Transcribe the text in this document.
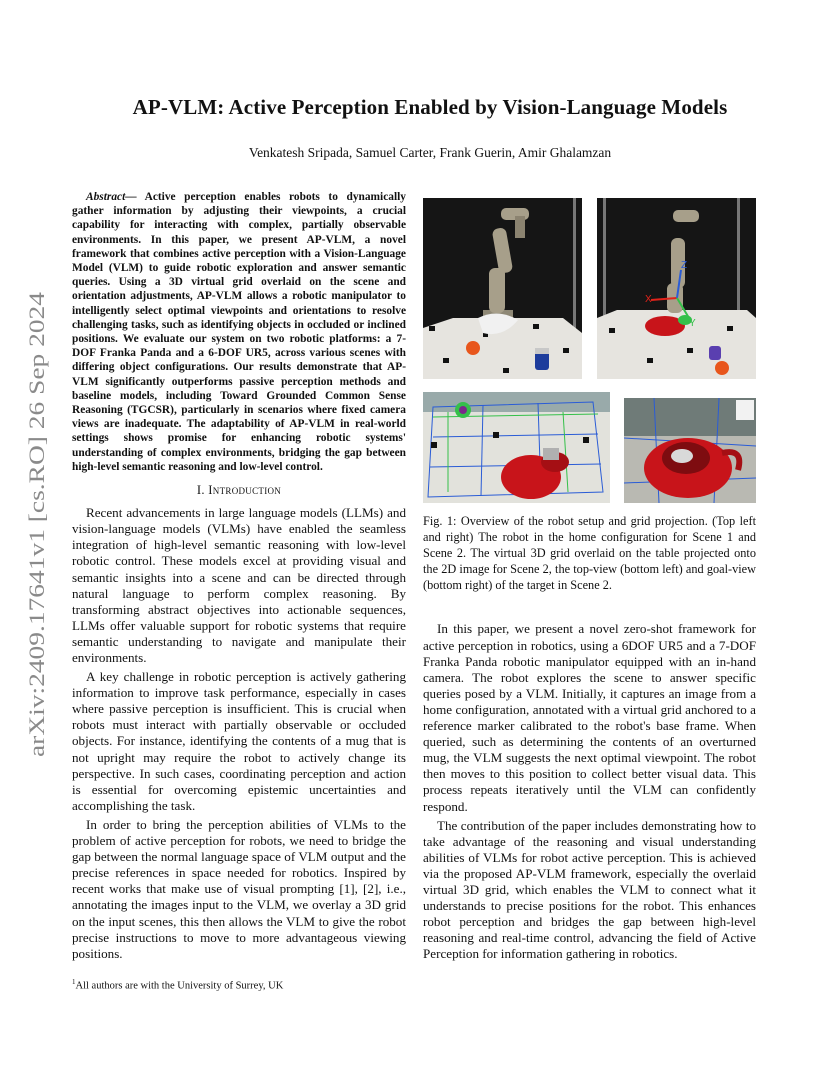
arXiv:2409.17641v1 [cs.RO] 26 Sep 2024
AP-VLM: Active Perception Enabled by Vision-Language Models
Venkatesh Sripada, Samuel Carter, Frank Guerin, Amir Ghalamzan

Abstract— Active perception enables robots to dynamically gather information by adjusting their viewpoints, a crucial capability for interacting with complex, partially observable environments. In this paper, we present AP-VLM, a novel framework that combines active perception with a Vision-Language Model (VLM) to guide robotic exploration and answer semantic queries. Using a 3D virtual grid overlaid on the scene and orientation adjustments, AP-VLM allows a robotic manipulator to intelligently select optimal viewpoints and orientations to resolve challenging tasks, such as identifying objects in occluded or inclined positions. We evaluate our system on two robotic platforms: a 7-DOF Franka Panda and a 6-DOF UR5, across various scenes with differing object configurations. Our results demonstrate that AP-VLM significantly outperforms passive perception methods and baseline models, including Toward Grounded Common Sense Reasoning (TGCSR), particularly in scenarios where fixed camera views are inadequate. The adaptability of AP-VLM in real-world settings shows promise for enhancing robotic systems' understanding of complex environments, bridging the gap between high-level semantic reasoning and low-level control.

I. Introduction

Recent advancements in large language models (LLMs) and vision-language models (VLMs) have enabled the seamless integration of high-level semantic reasoning with low-level robotic control. These models excel at providing visual and semantic insights into a scene and can be directed through natural language to perform complex reasoning. By transforming abstract objectives into actionable sequences, LLMs offer valuable support for robotic systems that require semantic understanding to navigate and manipulate their environments.

A key challenge in robotic perception is actively gathering information to improve task performance, especially in cases where passive perception is insufficient. This is crucial when robots must interact with partially observable or occluded objects. For instance, identifying the contents of a mug that is not upright may require the robot to actively change its perspective. In such cases, coordinating perception and action is essential for overcoming epistemic uncertainties and accomplishing the task.

In order to bring the perception abilities of VLMs to the problem of active perception for robots, we need to bridge the gap between the normal language space of VLM output and the precise references in space needed for robotics. Inspired by recent works that make use of visual prompting [1], [2], i.e., annotating the images input to the VLM, we overlay a 3D grid on the input scenes, this then allows the VLM to give the robot precise instructions to move to more advantageous viewing positions.

$^1$All authors are with the University of Surrey, UK
X
Z
Y
Fig. 1: Overview of the robot setup and grid projection. (Top left and right) The robot in the home configuration for Scene 1 and Scene 2. The virtual 3D grid overlaid on the table projected onto the 2D image for Scene 2, the top-view (bottom left) and goal-view (bottom right) of the target in Scene 2.

In this paper, we present a novel zero-shot framework for active perception in robotics, using a 6DOF UR5 and a 7-DOF Franka Panda robotic manipulator equipped with an in-hand camera. The robot explores the scene to answer specific queries posed by a VLM. Initially, it captures an image from a home configuration, annotated with a virtual grid anchored to a reference marker calibrated to the robot's base frame. When queried, such as determining the contents of an overturned mug, the VLM suggests the next optimal viewpoint. The robot then moves to this position to collect better visual data. This process repeats iteratively until the VLM can confidently respond.

The contribution of the paper includes demonstrating how to take advantage of the reasoning and visual understanding abilities of VLMs for robot active perception. This is achieved via the proposed AP-VLM framework, especially the overlaid virtual 3D grid, which enables the VLM to connect what it understands to precise positions for the robot. This enhances robot perception and bridges the gap between high-level reasoning and real-time control, advancing the field of Active Perception for information gathering in robotics.
